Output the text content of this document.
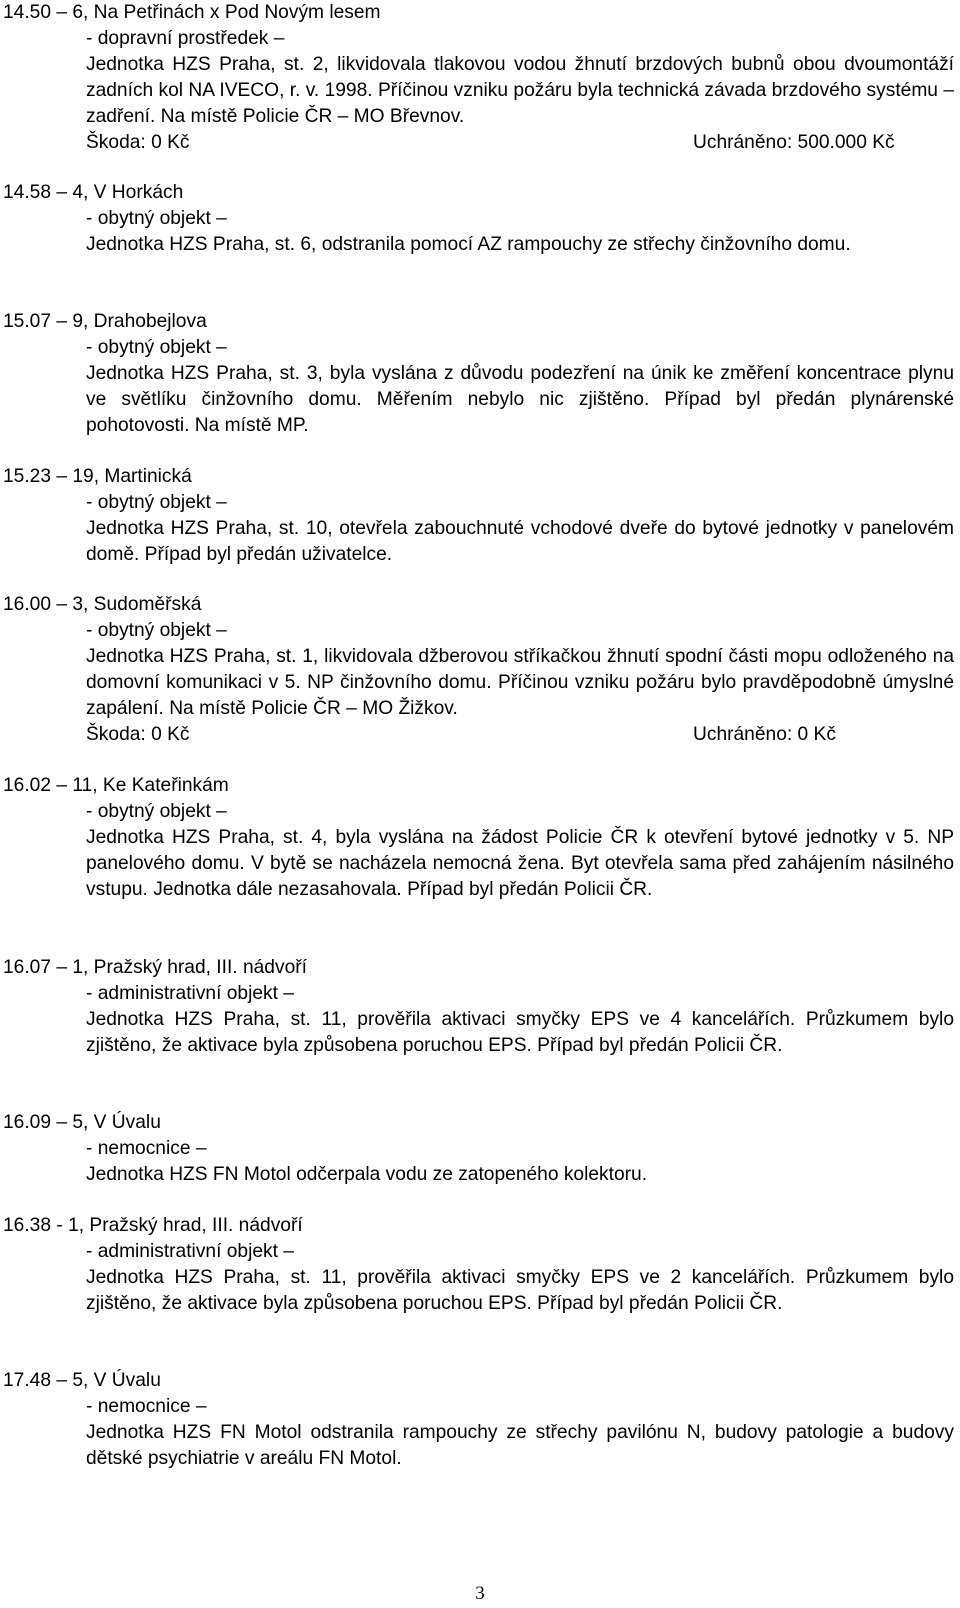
14.50 – 6, Na Petřinách x Pod Novým lesem
- dopravní prostředek –
Jednotka HZS Praha, st. 2, likvidovala tlakovou vodou žhnutí brzdových bubnů obou dvoumontáží zadních kol NA IVECO, r. v. 1998. Příčinou vzniku požáru byla technická závada brzdového systému – zadření. Na místě Policie ČR – MO Břevnov.
Škoda: 0 Kč	Uchráněno: 500.000 Kč
14.58 – 4, V Horkách
- obytný objekt –
Jednotka HZS Praha, st. 6, odstranila pomocí AZ rampouchy ze střechy činžovního domu.
15.07 – 9, Drahobejlova
- obytný objekt –
Jednotka HZS Praha, st. 3, byla vyslána z důvodu podezření na únik ke změření koncentrace plynu ve světlíku činžovního domu. Měřením nebylo nic zjištěno. Případ byl předán plynárenské pohotovosti. Na místě MP.
15.23 – 19, Martinická
- obytný objekt –
Jednotka HZS Praha, st. 10, otevřela zabouchnuté vchodové dveře do bytové jednotky v panelovém domě. Případ byl předán uživatelce.
16.00 – 3, Sudoměřská
- obytný objekt –
Jednotka HZS Praha, st. 1, likvidovala džberovou stříkačkou žhnutí spodní části mopu odloženého na domovní komunikaci v 5. NP činžovního domu. Příčinou vzniku požáru bylo pravděpodobně úmyslné zapálení. Na místě Policie ČR – MO Žižkov.
Škoda: 0 Kč	Uchráněno: 0 Kč
16.02 – 11, Ke Kateřinkám
- obytný objekt –
Jednotka HZS Praha, st. 4, byla vyslána na žádost Policie ČR k otevření bytové jednotky v 5. NP panelového domu. V bytě se nacházela nemocná žena. Byt otevřela sama před zahájením násilného vstupu. Jednotka dále nezasahovala. Případ byl předán Policii ČR.
16.07 – 1, Pražský hrad, III. nádvoří
- administrativní objekt –
Jednotka HZS Praha, st. 11, prověřila aktivaci smyčky EPS ve 4 kancelářích. Průzkumem bylo zjištěno, že aktivace byla způsobena poruchou EPS. Případ byl předán Policii ČR.
16.09 – 5, V Úvalu
- nemocnice –
Jednotka HZS FN Motol odčerpala vodu ze zatopeného kolektoru.
16.38 - 1, Pražský hrad, III. nádvoří
- administrativní objekt –
Jednotka HZS Praha, st. 11, prověřila aktivaci smyčky EPS ve 2 kancelářích. Průzkumem bylo zjištěno, že aktivace byla způsobena poruchou EPS. Případ byl předán Policii ČR.
17.48 – 5, V Úvalu
- nemocnice –
Jednotka HZS FN Motol odstranila rampouchy ze střechy pavilónu N, budovy patologie a budovy dětské psychiatrie v areálu FN Motol.
3
